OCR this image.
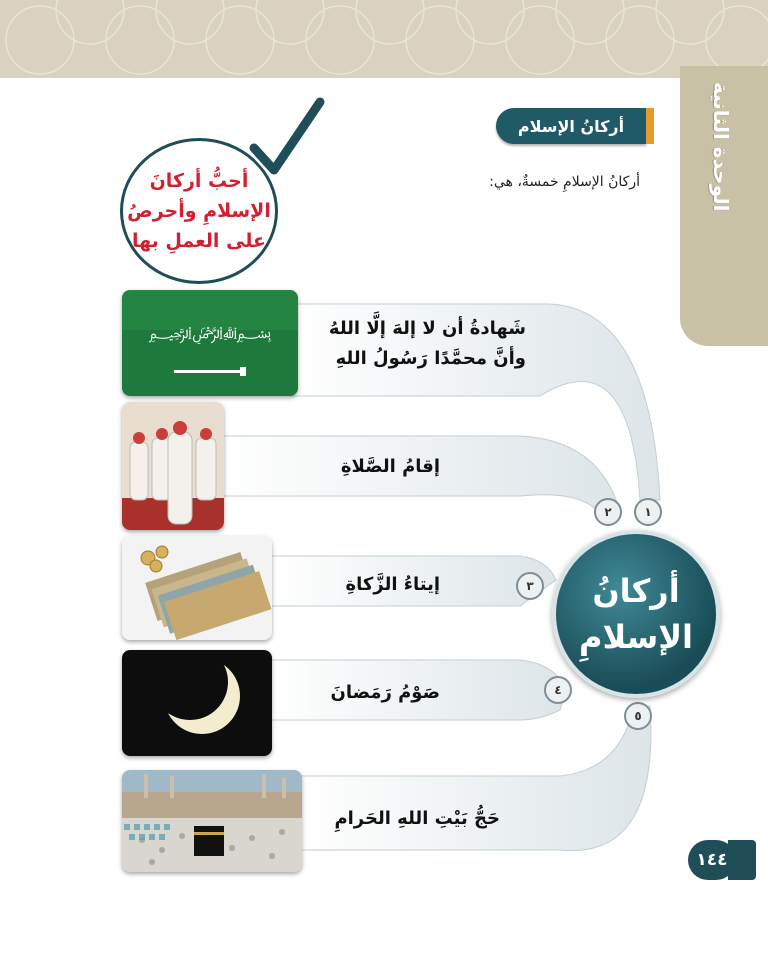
الوحدة الثانية
أركانُ الإسلام
أركانُ الإسلامِ خمسةٌ، هي:
أحبُّ أركانَ
الإسلامِ وأحرصُ
على العملِ بها
﷽	شَهادةُ أن لا إلهَ إلَّا اللهُ
وأنَّ محمَّدًا رَسُولُ اللهِ
إقامُ الصَّلاةِ
إيتاءُ الزَّكاةِ
صَوْمُ رَمَضانَ
حَجُّ بَيْتِ اللهِ الحَرامِ
١
٢
٣
٤
٥
أركانُ
الإسلامِ
١٤٤
